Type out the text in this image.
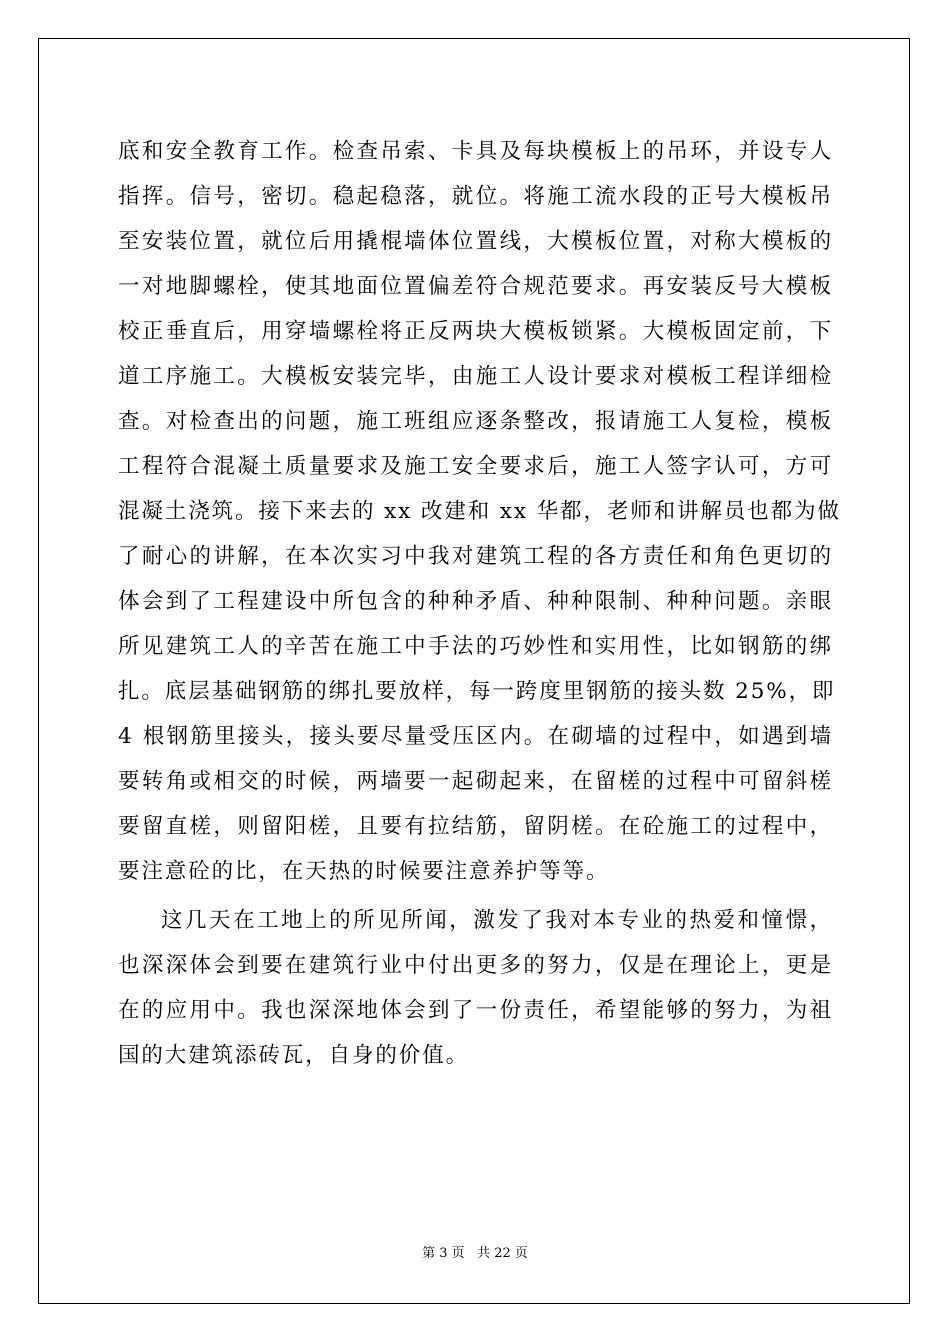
底和安全教育工作。检查吊索、卡具及每块模板上的吊环，并设专人
指挥。信号，密切。稳起稳落，就位。将施工流水段的正号大模板吊
至安装位置，就位后用撬棍墙体位置线，大模板位置，对称大模板的
一对地脚螺栓，使其地面位置偏差符合规范要求。再安装反号大模板
校正垂直后，用穿墙螺栓将正反两块大模板锁紧。大模板固定前，下
道工序施工。大模板安装完毕，由施工人设计要求对模板工程详细检
查。对检查出的问题，施工班组应逐条整改，报请施工人复检，模板
工程符合混凝土质量要求及施工安全要求后，施工人签字认可，方可
混凝土浇筑。接下来去的 xx 改建和 xx 华都，老师和讲解员也都为做
了耐心的讲解，在本次实习中我对建筑工程的各方责任和角色更切的
体会到了工程建设中所包含的种种矛盾、种种限制、种种问题。亲眼
所见建筑工人的辛苦在施工中手法的巧妙性和实用性，比如钢筋的绑
扎。底层基础钢筋的绑扎要放样，每一跨度里钢筋的接头数 25%，即
4 根钢筋里接头，接头要尽量受压区内。在砌墙的过程中，如遇到墙
要转角或相交的时候，两墙要一起砌起来，在留槎的过程中可留斜槎
要留直槎，则留阳槎，且要有拉结筋，留阴槎。在砼施工的过程中，
要注意砼的比，在天热的时候要注意养护等等。
这几天在工地上的所见所闻，激发了我对本专业的热爱和憧憬，
也深深体会到要在建筑行业中付出更多的努力，仅是在理论上，更是
在的应用中。我也深深地体会到了一份责任，希望能够的努力，为祖
国的大建筑添砖瓦，自身的价值。
第 3 页 共 22 页
